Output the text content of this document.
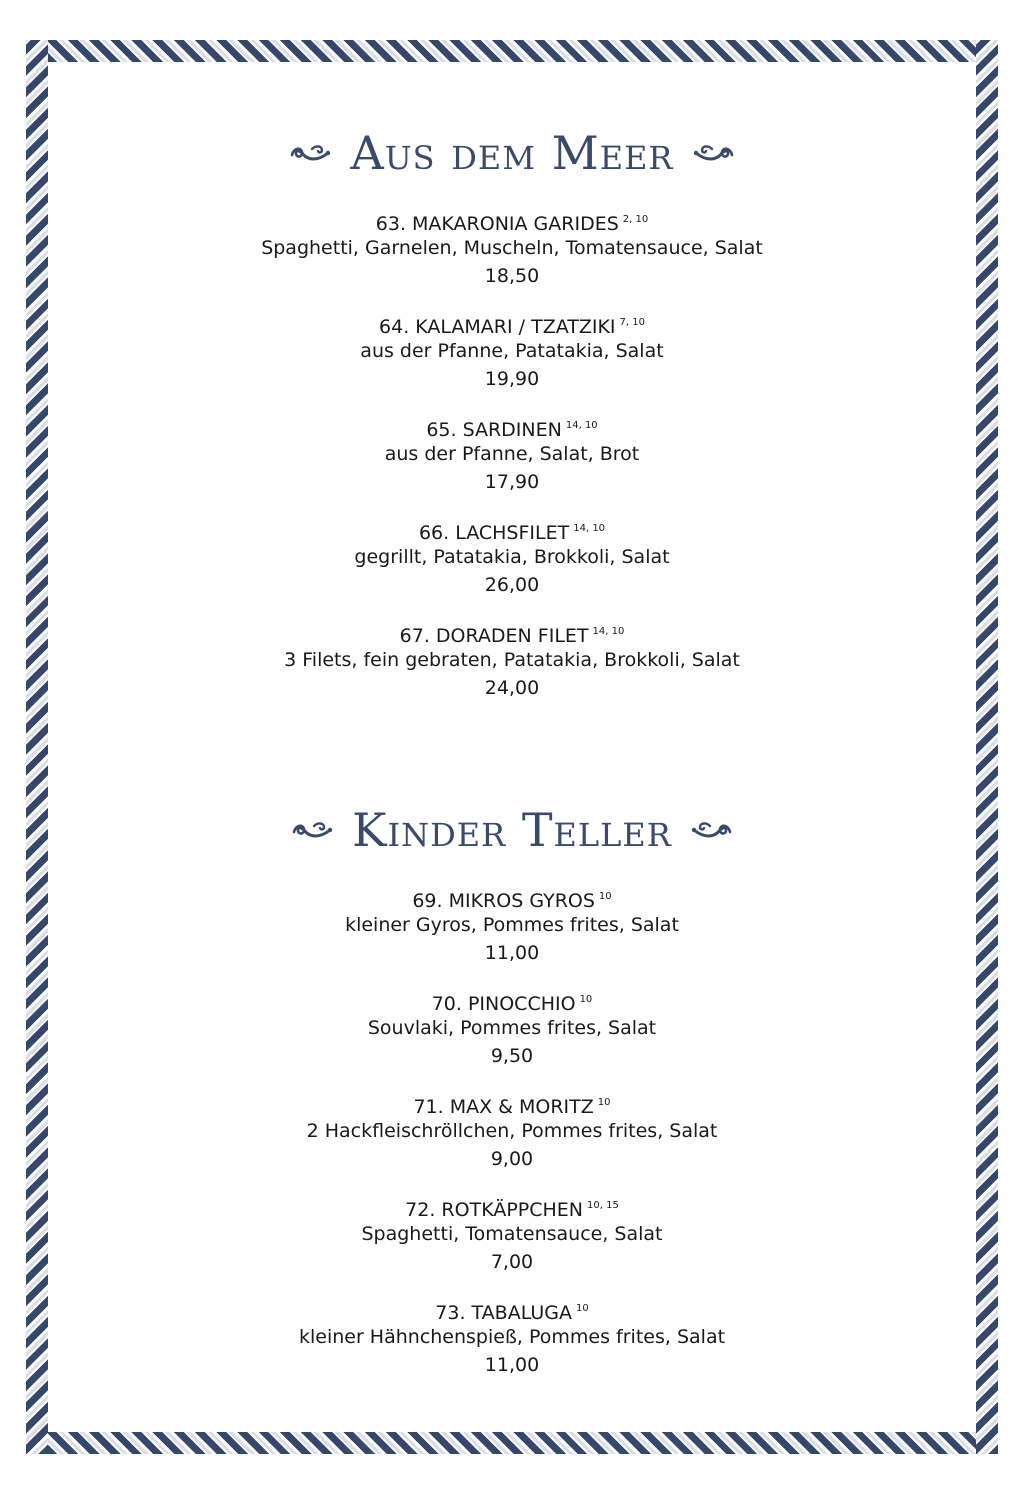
Aus dem Meer
63. MAKARONIA GARIDES $^{2, 10}$
Spaghetti, Garnelen, Muscheln, Tomatensauce, Salat
18,50
64. KALAMARI / TZATZIKI $^{7, 10}$
aus der Pfanne, Patatakia, Salat
19,90
65. SARDINEN $^{14, 10}$
aus der Pfanne, Salat, Brot
17,90
66. LACHSFILET $^{14, 10}$
gegrillt, Patatakia, Brokkoli, Salat
26,00
67. DORADEN FILET $^{14, 10}$
3 Filets, fein gebraten, Patatakia, Brokkoli, Salat
24,00
Kinder Teller
69. MIKROS GYROS $^{10}$
kleiner Gyros, Pommes frites, Salat
11,00
70. PINOCCHIO $^{10}$
Souvlaki, Pommes frites, Salat
9,50
71. MAX & MORITZ $^{10}$
2 Hackfleischröllchen, Pommes frites, Salat
9,00
72. ROTKÄPPCHEN $^{10, 15}$
Spaghetti, Tomatensauce, Salat
7,00
73. TABALUGA $^{10}$
kleiner Hähnchenspieß, Pommes frites, Salat
11,00
